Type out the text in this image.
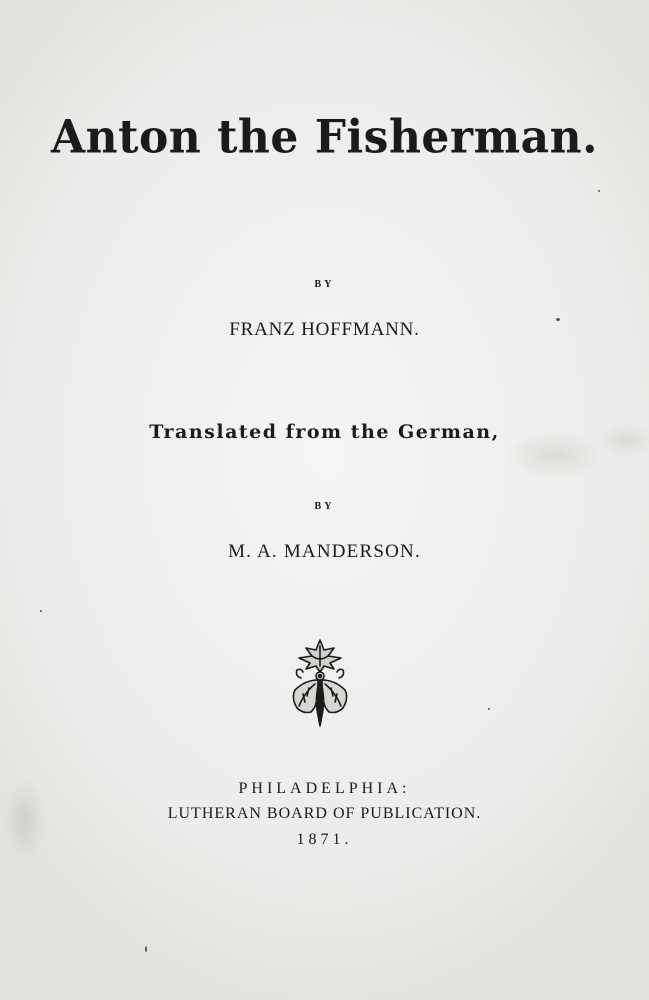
Anton the Fisherman.
BY
FRANZ HOFFMANN.
Translated from the German,
BY
M. A. MANDERSON.
PHILADELPHIA:
LUTHERAN BOARD OF PUBLICATION.
1871.
